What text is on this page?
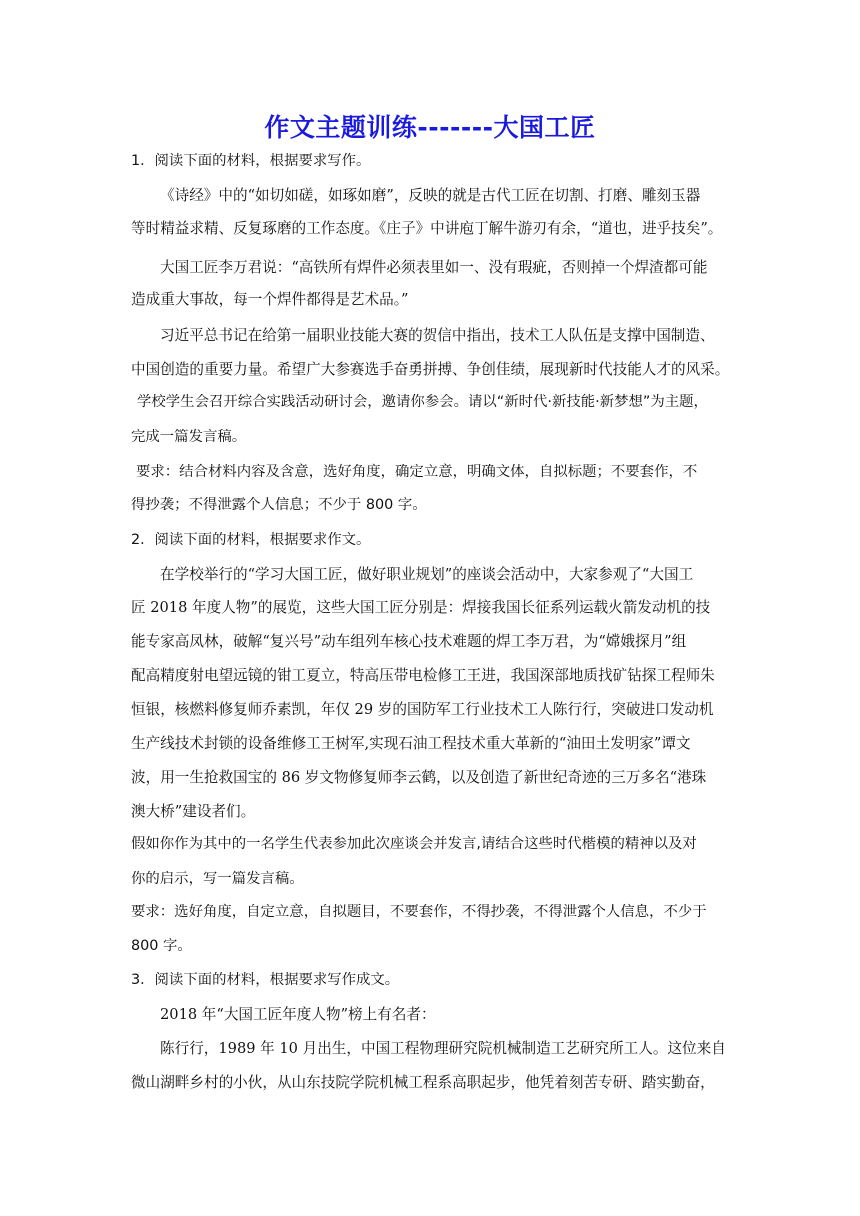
作文主题训练-------大国工匠
1．阅读下面的材料，根据要求写作。
《诗经》中的“如切如磋，如琢如磨”，反映的就是古代工匠在切割、打磨、雕刻玉器
等时精益求精、反复琢磨的工作态度。《庄子》中讲庖丁解牛游刃有余，“道也，进乎技矣”。
大国工匠李万君说：“高铁所有焊件必须表里如一、没有瑕疵，否则掉一个焊渣都可能
造成重大事故，每一个焊件都得是艺术品。”
习近平总书记在给第一届职业技能大赛的贺信中指出，技术工人队伍是支撑中国制造、
中国创造的重要力量。希望广大参赛选手奋勇拼搏、争创佳绩，展现新时代技能人才的风采。
学校学生会召开综合实践活动研讨会，邀请你参会。请以“新时代·新技能·新梦想”为主题，
完成一篇发言稿。
要求：结合材料内容及含意，选好角度，确定立意，明确文体，自拟标题；不要套作，不
得抄袭；不得泄露个人信息；不少于 800 字。
2．阅读下面的材料，根据要求作文。
在学校举行的“学习大国工匠，做好职业规划”的座谈会活动中，大家参观了“大国工
匠 2018 年度人物”的展览，这些大国工匠分别是：焊接我国长征系列运载火箭发动机的技
能专家高凤林，破解“复兴号”动车组列车核心技术难题的焊工李万君，为“嫦娥探月”组
配高精度射电望远镜的钳工夏立，特高压带电检修工王进，我国深部地质找矿钻探工程师朱
恒银，核燃料修复师乔素凯，年仅 29 岁的国防军工行业技术工人陈行行，突破进口发动机
生产线技术封锁的设备维修工王树军,实现石油工程技术重大革新的“油田土发明家”谭文
波，用一生抢救国宝的 86 岁文物修复师李云鹤，以及创造了新世纪奇迹的三万多名“港珠
澳大桥”建设者们。
假如你作为其中的一名学生代表参加此次座谈会并发言,请结合这些时代楷模的精神以及对
你的启示，写一篇发言稿。
要求：选好角度，自定立意，自拟题目，不要套作，不得抄袭，不得泄露个人信息，不少于
800 字。
3．阅读下面的材料，根据要求写作成文。
2018 年“大国工匠年度人物”榜上有名者：
陈行行，1989 年 10 月出生，中国工程物理研究院机械制造工艺研究所工人。这位来自
微山湖畔乡村的小伙，从山东技院学院机械工程系高职起步，他凭着刻苦专研、踏实勤奋，
